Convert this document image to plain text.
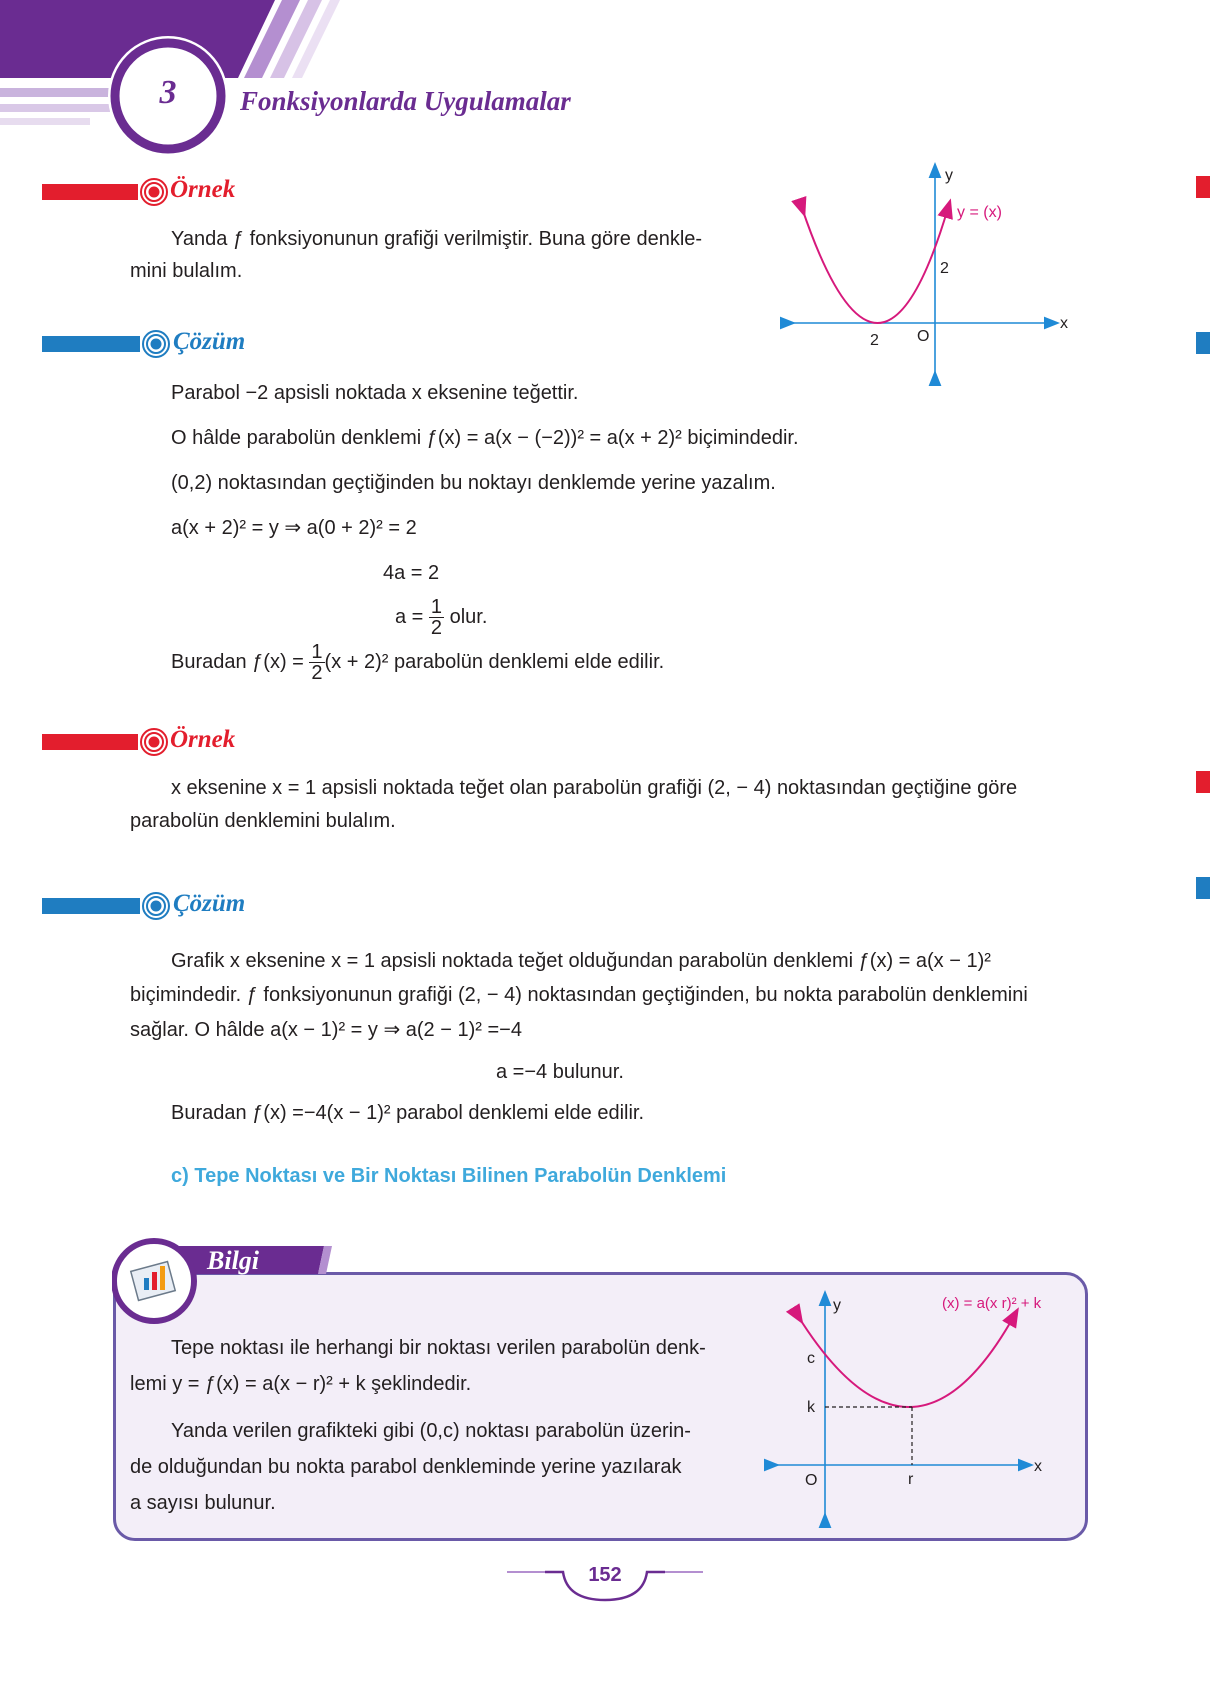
3	Fonksiyonlarda Uygulamalar
Örnek
Yanda ƒ fonksiyonunun grafiği verilmiştir. Buna göre denkle-
mini bulalım.
y
x
O
2
2
y = (x)
Çözüm
Parabol −2 apsisli noktada x eksenine teğettir.
O hâlde parabolün denklemi ƒ(x) = a(x − (−2))² = a(x + 2)² biçimindedir.
(0,2) noktasından geçtiğinden bu noktayı denklemde yerine yazalım.
a(x + 2)² = y ⇒ a(0 + 2)² = 2
4a = 2
$a = \frac{1}{2}$ olur.
Buradan ƒ(x) = $\frac{1}{2} (x + 2)^2$ parabolün denklemi elde edilir.
Örnek
x eksenine x = 1 apsisli noktada teğet olan parabolün grafiği (2, − 4) noktasından geçtiğine göre
parabolün denklemini bulalım.
Çözüm
Grafik x eksenine x = 1 apsisli noktada teğet olduğundan parabolün denklemi ƒ(x) = a(x − 1)²
biçimindedir. ƒ fonksiyonunun grafiği (2, − 4) noktasından geçtiğinden, bu nokta parabolün denklemini
sağlar. O hâlde a(x − 1)² = y ⇒ a(2 − 1)² =−4
a =−4 bulunur.
Buradan ƒ(x) =−4(x − 1)² parabol denklemi elde edilir.
c) Tepe Noktası ve Bir Noktası Bilinen Parabolün Denklemi
Bilgi
Tepe noktası ile herhangi bir noktası verilen parabolün denk-
lemi y = ƒ(x) = a(x − r)² + k şeklindedir.
Yanda verilen grafikteki gibi (0,c) noktası parabolün üzerin-
de olduğundan bu nokta parabol denkleminde yerine yazılarak
a sayısı bulunur.
y
x
O
c
k
r
(x) = a(x r)² + k
152
